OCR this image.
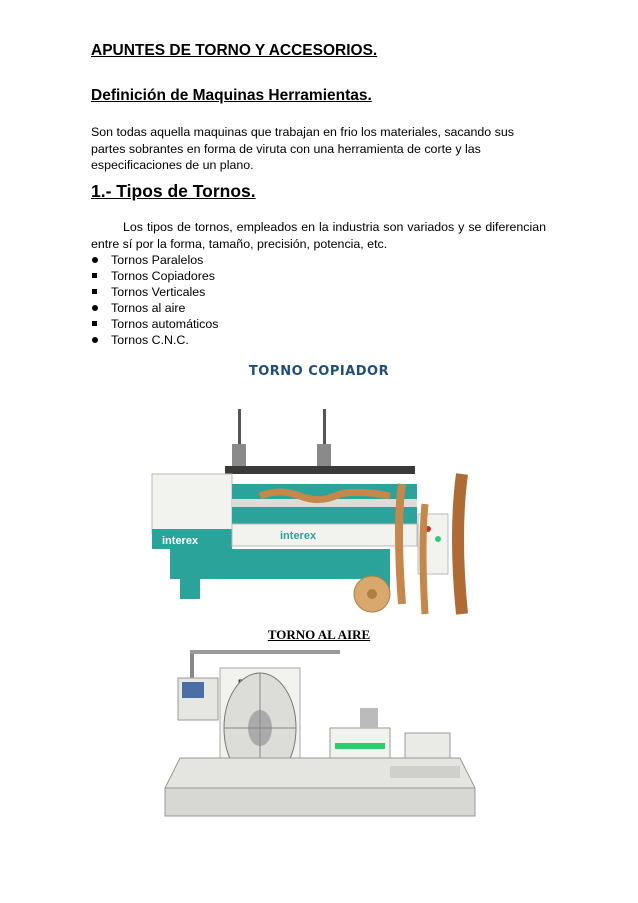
APUNTES DE TORNO Y ACCESORIOS.
Definición de Maquinas Herramientas.
Son todas aquella maquinas que trabajan en frio los materiales, sacando sus partes sobrantes en forma de viruta con una herramienta de corte y las especificaciones de un plano.
1.- Tipos de Tornos.
Los tipos de tornos, empleados en la industria son variados y se diferencian entre sí por la forma, tamaño, precisión, potencia, etc.
Tornos Paralelos
Tornos Copiadores
Tornos Verticales
Tornos al aire
Tornos automáticos
Tornos C.N.C.
TORNO COPIADOR
interex	interex
TORNO AL AIRE
